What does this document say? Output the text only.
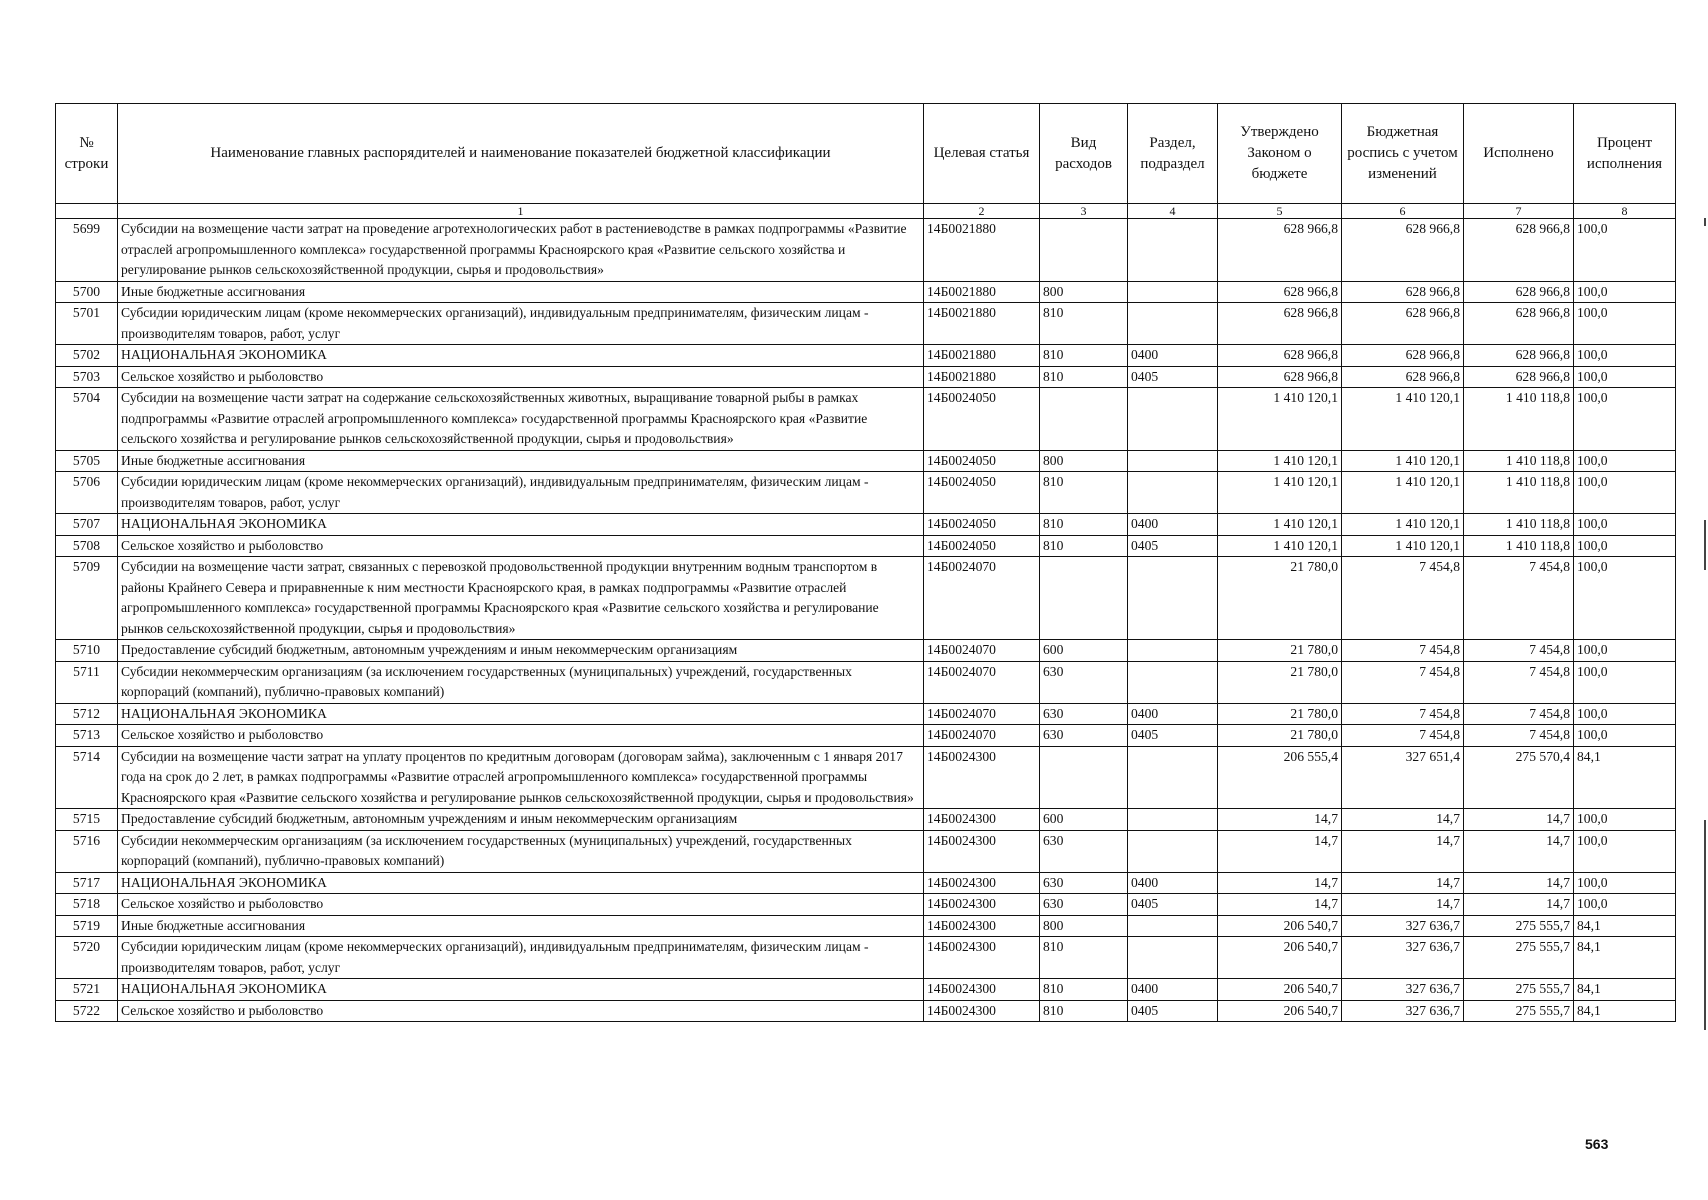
№ строки	Наименование главных распорядителей и наименование показателей бюджетной классификации	Целевая статья	Вид расходов	Раздел, подраздел	Утверждено Законом о бюджете	Бюджетная роспись с учетом изменений	Исполнено	Процент исполнения
	1	2	3	4	5	6	7	8
5699	Субсидии на возмещение части затрат на проведение агротехнологических работ в растениеводстве в рамках подпрограммы «Развитие отраслей агропромышленного комплекса» государственной программы Красноярского края «Развитие сельского хозяйства и регулирование рынков сельскохозяйственной продукции, сырья и продовольствия»	14Б0021880			628 966,8	628 966,8	628 966,8	100,0
5700	Иные бюджетные ассигнования	14Б0021880	800		628 966,8	628 966,8	628 966,8	100,0
5701	Субсидии юридическим лицам (кроме некоммерческих организаций), индивидуальным предпринимателям, физическим лицам - производителям товаров, работ, услуг	14Б0021880	810		628 966,8	628 966,8	628 966,8	100,0
5702	НАЦИОНАЛЬНАЯ ЭКОНОМИКА	14Б0021880	810	0400	628 966,8	628 966,8	628 966,8	100,0
5703	Сельское хозяйство и рыболовство	14Б0021880	810	0405	628 966,8	628 966,8	628 966,8	100,0
5704	Субсидии на возмещение части затрат на содержание сельскохозяйственных животных, выращивание товарной рыбы в рамках подпрограммы «Развитие отраслей агропромышленного комплекса» государственной программы Красноярского края «Развитие сельского хозяйства и регулирование рынков сельскохозяйственной продукции, сырья и продовольствия»	14Б0024050			1 410 120,1	1 410 120,1	1 410 118,8	100,0
5705	Иные бюджетные ассигнования	14Б0024050	800		1 410 120,1	1 410 120,1	1 410 118,8	100,0
5706	Субсидии юридическим лицам (кроме некоммерческих организаций), индивидуальным предпринимателям, физическим лицам - производителям товаров, работ, услуг	14Б0024050	810		1 410 120,1	1 410 120,1	1 410 118,8	100,0
5707	НАЦИОНАЛЬНАЯ ЭКОНОМИКА	14Б0024050	810	0400	1 410 120,1	1 410 120,1	1 410 118,8	100,0
5708	Сельское хозяйство и рыболовство	14Б0024050	810	0405	1 410 120,1	1 410 120,1	1 410 118,8	100,0
5709	Субсидии на возмещение части затрат, связанных с перевозкой продовольственной продукции внутренним водным транспортом в районы Крайнего Севера и приравненные к ним местности Красноярского края, в рамках подпрограммы «Развитие отраслей агропромышленного комплекса» государственной программы Красноярского края «Развитие сельского хозяйства и регулирование рынков сельскохозяйственной продукции, сырья и продовольствия»	14Б0024070			21 780,0	7 454,8	7 454,8	100,0
5710	Предоставление субсидий бюджетным, автономным учреждениям и иным некоммерческим организациям	14Б0024070	600		21 780,0	7 454,8	7 454,8	100,0
5711	Субсидии некоммерческим организациям (за исключением государственных (муниципальных) учреждений, государственных корпораций (компаний), публично-правовых компаний)	14Б0024070	630		21 780,0	7 454,8	7 454,8	100,0
5712	НАЦИОНАЛЬНАЯ ЭКОНОМИКА	14Б0024070	630	0400	21 780,0	7 454,8	7 454,8	100,0
5713	Сельское хозяйство и рыболовство	14Б0024070	630	0405	21 780,0	7 454,8	7 454,8	100,0
5714	Субсидии на возмещение части затрат на уплату процентов по кредитным договорам (договорам займа), заключенным с 1 января 2017 года на срок до 2 лет, в рамках подпрограммы «Развитие отраслей агропромышленного комплекса» государственной программы Красноярского края «Развитие сельского хозяйства и регулирование рынков сельскохозяйственной продукции, сырья и продовольствия»	14Б0024300			206 555,4	327 651,4	275 570,4	84,1
5715	Предоставление субсидий бюджетным, автономным учреждениям и иным некоммерческим организациям	14Б0024300	600		14,7	14,7	14,7	100,0
5716	Субсидии некоммерческим организациям (за исключением государственных (муниципальных) учреждений, государственных корпораций (компаний), публично-правовых компаний)	14Б0024300	630		14,7	14,7	14,7	100,0
5717	НАЦИОНАЛЬНАЯ ЭКОНОМИКА	14Б0024300	630	0400	14,7	14,7	14,7	100,0
5718	Сельское хозяйство и рыболовство	14Б0024300	630	0405	14,7	14,7	14,7	100,0
5719	Иные бюджетные ассигнования	14Б0024300	800		206 540,7	327 636,7	275 555,7	84,1
5720	Субсидии юридическим лицам (кроме некоммерческих организаций), индивидуальным предпринимателям, физическим лицам - производителям товаров, работ, услуг	14Б0024300	810		206 540,7	327 636,7	275 555,7	84,1
5721	НАЦИОНАЛЬНАЯ ЭКОНОМИКА	14Б0024300	810	0400	206 540,7	327 636,7	275 555,7	84,1
5722	Сельское хозяйство и рыболовство	14Б0024300	810	0405	206 540,7	327 636,7	275 555,7	84,1
563
